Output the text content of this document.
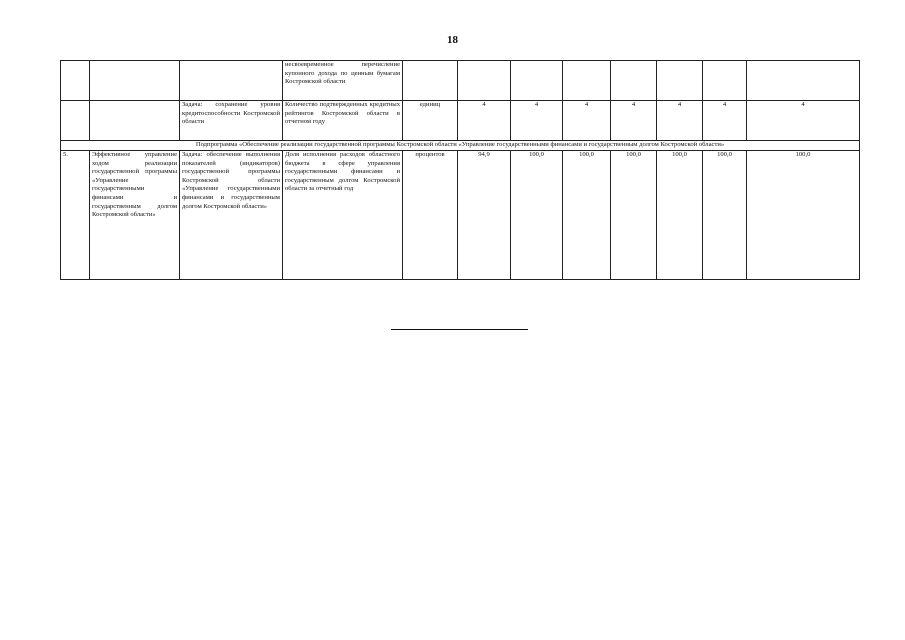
18
			несвоевременное перечисление купонного дохода по ценным бумагам Костромской области									
		Задача: сохранение уровня кредитоспособности Костромской области	Количество подтвержденных кредитных рейтингов Костромской области в отчетном году	единиц	4	4	4	4	4	4	4	
Подпрограмма «Обеспечение реализации государственной программы Костромской области «Управление государственными финансами и государственным долгом Костромской области»												
5.	Эффективное управление ходом реализации государственной программы «Управление государственными финансами и государственным долгом Костромской области»	Задача: обеспечение выполнения показателей (индикаторов) государственной программы Костромской области «Управление государственными финансами и государственным долгом Костромской области»	Доля исполнения расходов областного бюджета в сфере управления государственными финансами и государственным долгом Костромской области за отчетный год	процентов	94,9	100,0	100,0	100,0	100,0	100,0	100,0	
